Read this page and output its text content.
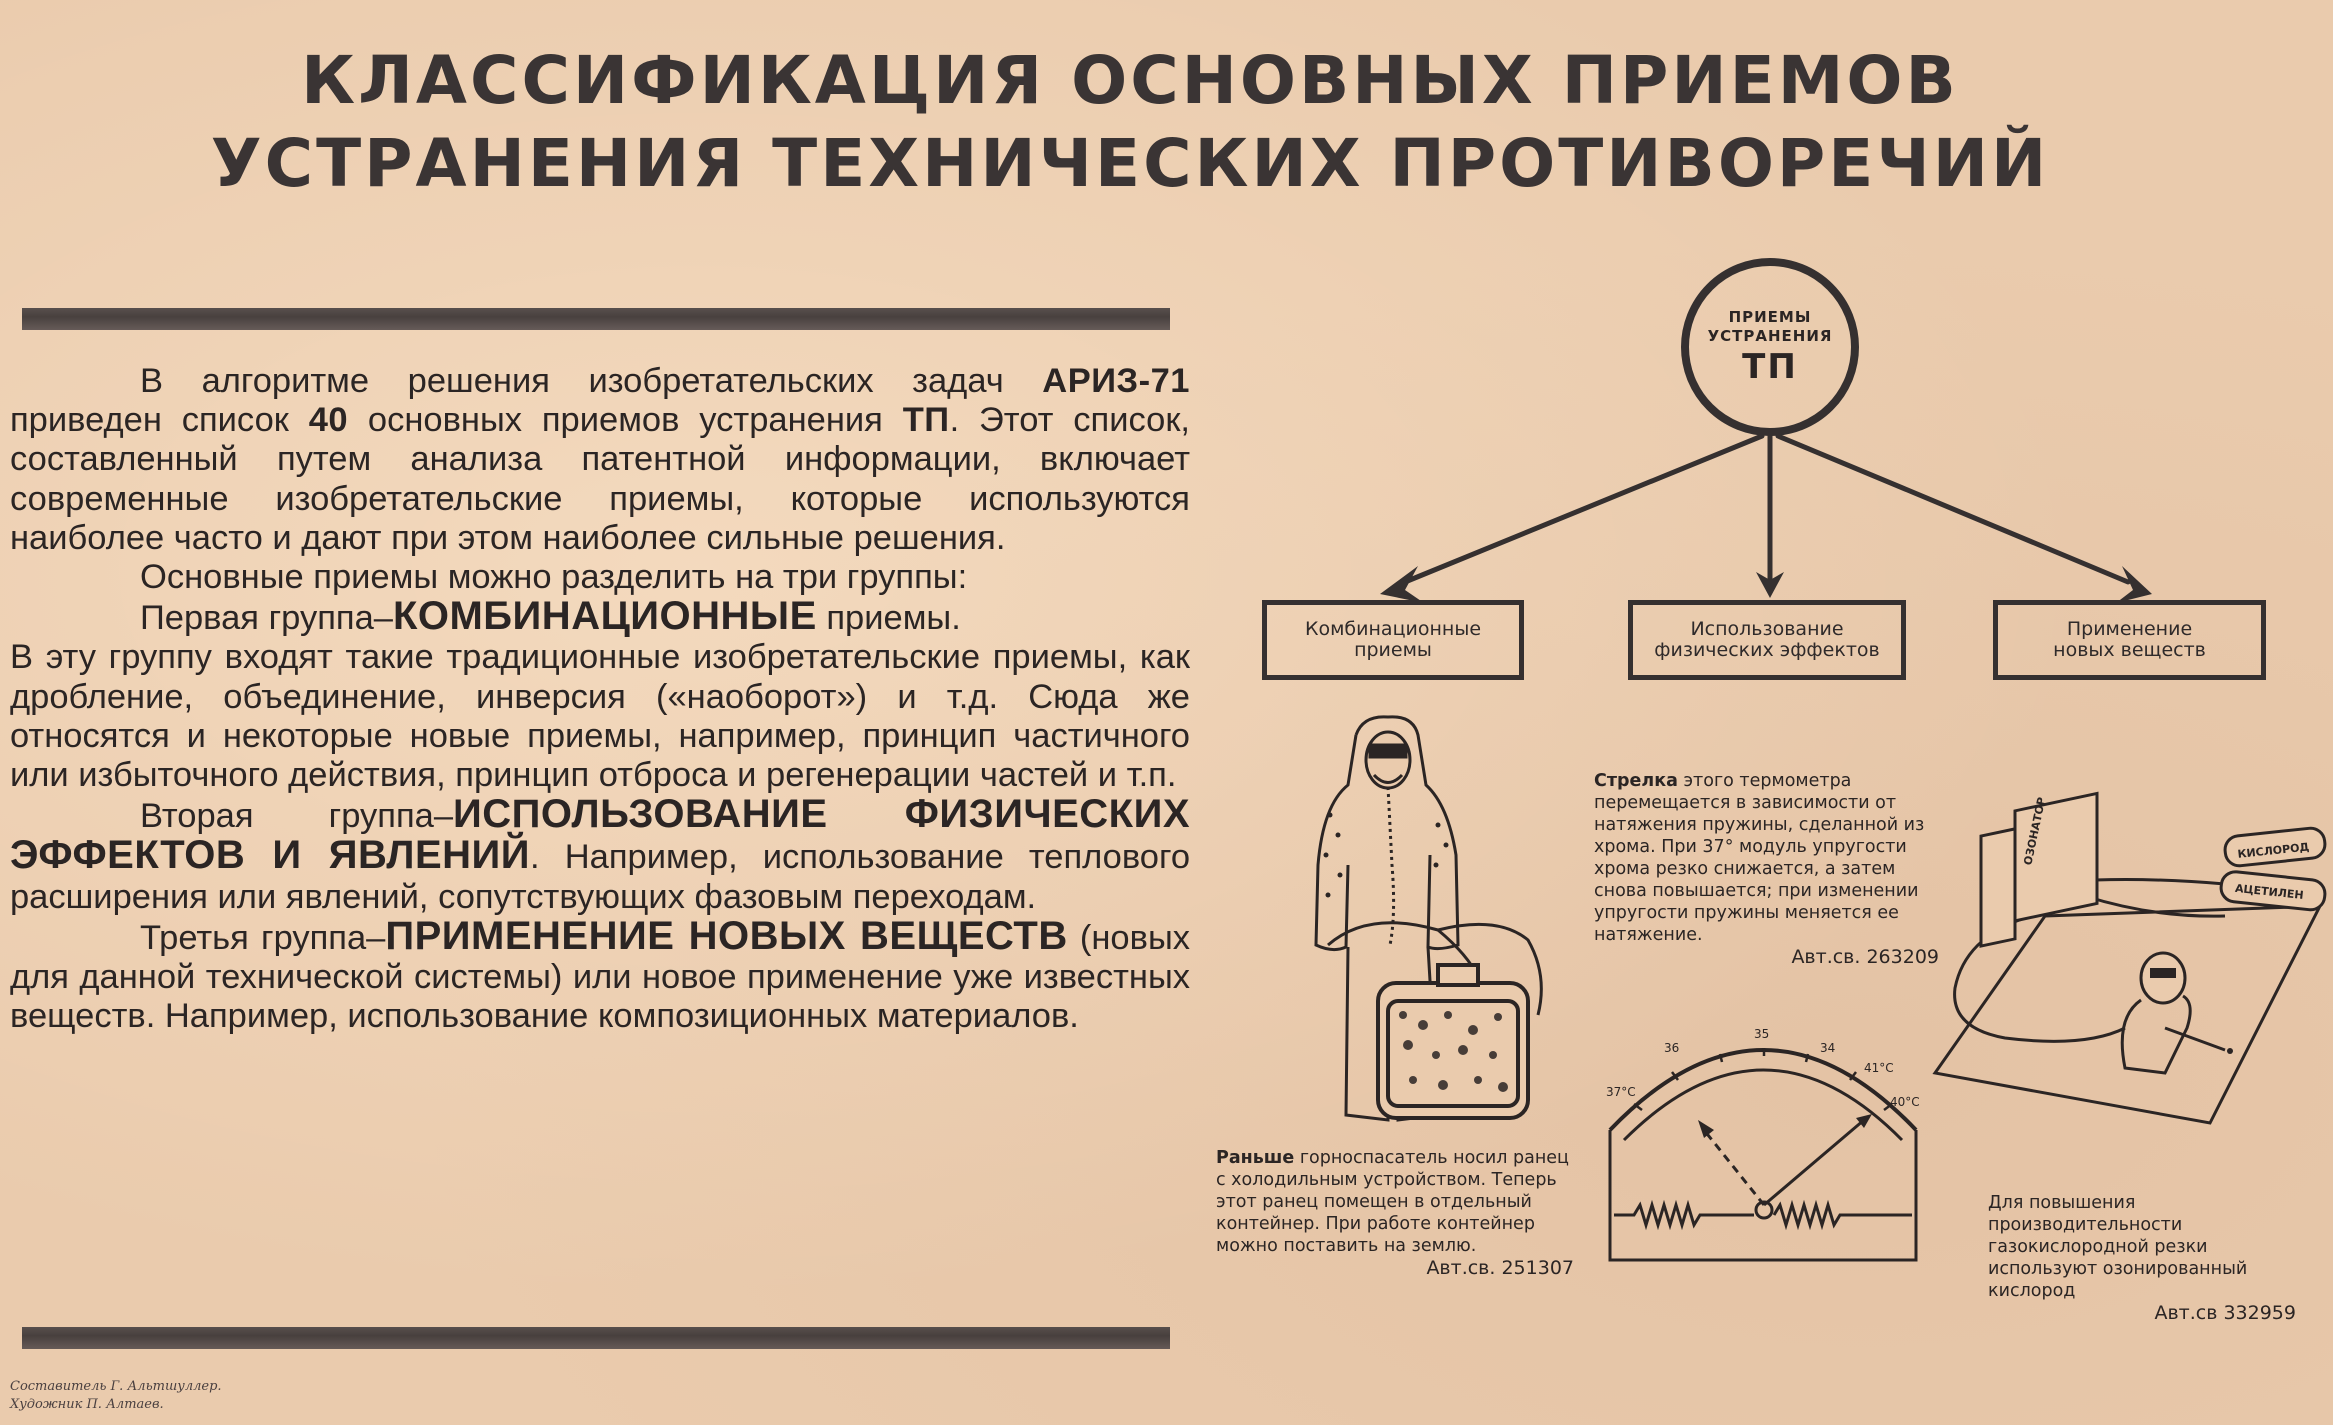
КЛАССИФИКАЦИЯ ОСНОВНЫХ ПРИЕМОВ
УСТРАНЕНИЯ ТЕХНИЧЕСКИХ ПРОТИВОРЕЧИЙ

В алгоритме решения изобретательских задач АРИЗ-71 приведен список 40 основных приемов устранения ТП. Этот список, составленный путем анализа патентной информации, включает современные изобретательские приемы, которые используются наиболее часто и дают при этом наиболее сильные решения.

Основные приемы можно разделить на три группы:

Первая группа–КОМБИНАЦИОННЫЕ приемы.

В эту группу входят такие традиционные изобретательские приемы, как дробление, объединение, инверсия («наоборот») и т.д. Сюда же относятся и некоторые новые приемы, например, принцип частичного или избыточного действия, принцип отброса и регенерации частей и т.п.

Вторая группа–ИСПОЛЬЗОВАНИЕ ФИЗИЧЕСКИХ ЭФФЕКТОВ И ЯВЛЕНИЙ. Например, использование теплового расширения или явлений, сопутствующих фазовым переходам.

Третья группа–ПРИМЕНЕНИЕ НОВЫХ ВЕЩЕСТВ (новых для данной технической системы) или новое применение уже известных веществ. Например, использование композиционных материалов.

Составитель Г. Альтшуллер.
Художник П. Алтаев.
ПРИЕМЫ
УСТРАНЕНИЯ
ТП
Комбинационные
приемы
Использование
физических эффектов
Применение
новых веществ
Раньше горноспасатель носил ранец с холодильным устройством. Теперь этот ранец помещен в отдельный контейнер. При работе контейнер можно поставить на землю.
Авт.св. 251307
37°C
36
35
34
41°C
40°C
Стрелка этого термометра перемещается в зависимости от натяжения пружины, сделанной из хрома. При 37° модуль упругости хрома резко снижается, а затем снова повышается; при изменении упругости пружины меняется ее натяжение.
Авт.св. 263209
КИСЛОРОД
АЦЕТИЛЕН
ОЗОНАТОР
Для повышения производительности газокислородной резки используют озонированный кислород
Авт.св 332959
